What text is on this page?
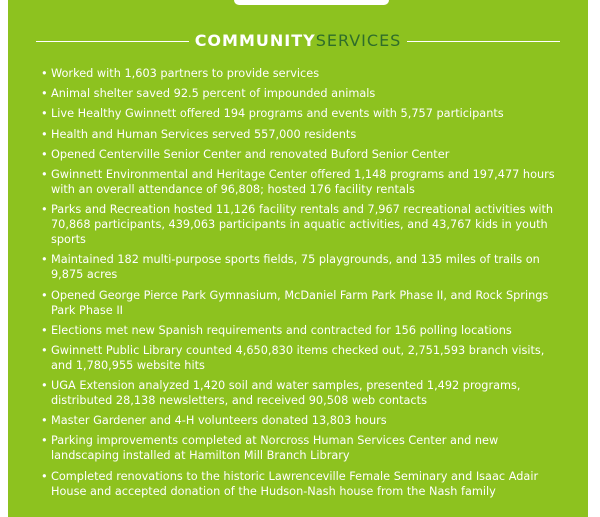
COMMUNITYSERVICES
• Worked with 1,603 partners to provide services
• Animal shelter saved 92.5 percent of impounded animals
• Live Healthy Gwinnett offered 194 programs and events with 5,757 participants
• Health and Human Services served 557,000 residents
• Opened Centerville Senior Center and renovated Buford Senior Center
• Gwinnett Environmental and Heritage Center offered 1,148 programs and 197,477 hours with an overall attendance of 96,808; hosted 176 facility rentals
• Parks and Recreation hosted 11,126 facility rentals and 7,967 recreational activities with 70,868 participants, 439,063 participants in aquatic activities, and 43,767 kids in youth sports
• Maintained 182 multi-purpose sports fields, 75 playgrounds, and 135 miles of trails on 9,875 acres
• Opened George Pierce Park Gymnasium, McDaniel Farm Park Phase II, and Rock Springs Park Phase II
• Elections met new Spanish requirements and contracted for 156 polling locations
• Gwinnett Public Library counted 4,650,830 items checked out, 2,751,593 branch visits, and 1,780,955 website hits
• UGA Extension analyzed 1,420 soil and water samples, presented 1,492 programs, distributed 28,138 newsletters, and received 90,508 web contacts
• Master Gardener and 4-H volunteers donated 13,803 hours
• Parking improvements completed at Norcross Human Services Center and new landscaping installed at Hamilton Mill Branch Library
• Completed renovations to the historic Lawrenceville Female Seminary and Isaac Adair House and accepted donation of the Hudson-Nash house from the Nash family
